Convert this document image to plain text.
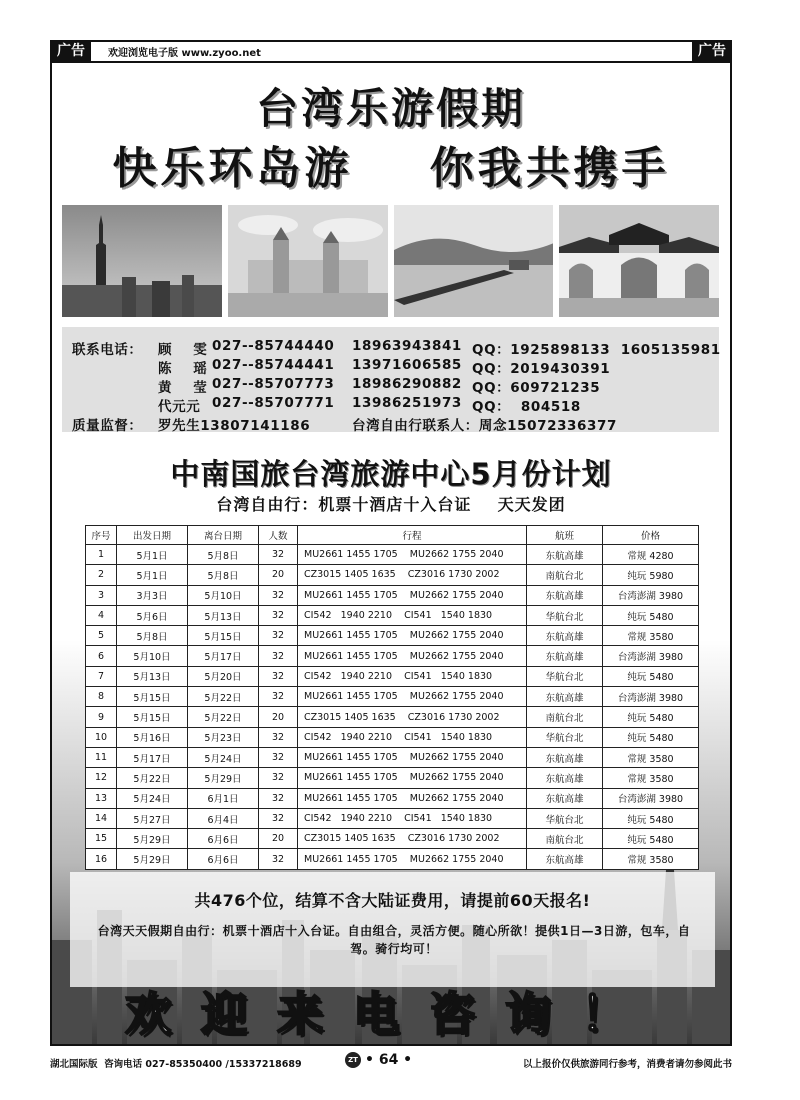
广告	欢迎浏览电子版 www.zyoo.net	广告
台湾乐游假期
快乐环岛游    你我共携手
联系电话： 顾    雯 027--85744440 18963943841 QQ：1925898133  1605135981
陈    瑶 027--85744441 13971606585 QQ：2019430391
黄    莹 027--85707773 18986290882 QQ：609721235
代元元 027--85707771 13986251973 QQ：  804518
质量监督： 罗先生13807141186	台湾自由行联系人：周念15072336377
中南国旅台湾旅游中心5月份计划
台湾自由行：机票十酒店十入台证    天天发团
序号	出发日期	离台日期	人数	行程	航班	价格
1	5月1日	5月8日	32	MU2661 1455 1705    MU2662 1755 2040	东航高雄	常规 4280
2	5月1日	5月8日	20	CZ3015 1405 1635    CZ3016 1730 2002	南航台北	纯玩 5980
3	3月3日	5月10日	32	MU2661 1455 1705    MU2662 1755 2040	东航高雄	台湾澎湖 3980
4	5月6日	5月13日	32	CI542   1940 2210    CI541   1540 1830	华航台北	纯玩 5480
5	5月8日	5月15日	32	MU2661 1455 1705    MU2662 1755 2040	东航高雄	常规 3580
6	5月10日	5月17日	32	MU2661 1455 1705    MU2662 1755 2040	东航高雄	台湾澎湖 3980
7	5月13日	5月20日	32	CI542   1940 2210    CI541   1540 1830	华航台北	纯玩 5480
8	5月15日	5月22日	32	MU2661 1455 1705    MU2662 1755 2040	东航高雄	台湾澎湖 3980
9	5月15日	5月22日	20	CZ3015 1405 1635    CZ3016 1730 2002	南航台北	纯玩 5480
10	5月16日	5月23日	32	CI542   1940 2210    CI541   1540 1830	华航台北	纯玩 5480
11	5月17日	5月24日	32	MU2661 1455 1705    MU2662 1755 2040	东航高雄	常规 3580
12	5月22日	5月29日	32	MU2661 1455 1705    MU2662 1755 2040	东航高雄	常规 3580
13	5月24日	6月1日	32	MU2661 1455 1705    MU2662 1755 2040	东航高雄	台湾澎湖 3980
14	5月27日	6月4日	32	CI542   1940 2210    CI541   1540 1830	华航台北	纯玩 5480
15	5月29日	6月6日	20	CZ3015 1405 1635    CZ3016 1730 2002	南航台北	纯玩 5480
16	5月29日	6月6日	32	MU2661 1455 1705    MU2662 1755 2040	东航高雄	常规 3580
共476个位，结算不含大陆证费用，请提前60天报名!
台湾天天假期自由行：机票十酒店十入台证。自由组合，灵活方便。随心所欲！提供1日—3日游，包车，自驾。骑行均可！
欢迎来电咨询！
湖北国际版  咨询电话 027-85350400 /15337218689	ZT • 64 •	以上报价仅供旅游同行参考，消费者请勿参阅此书
